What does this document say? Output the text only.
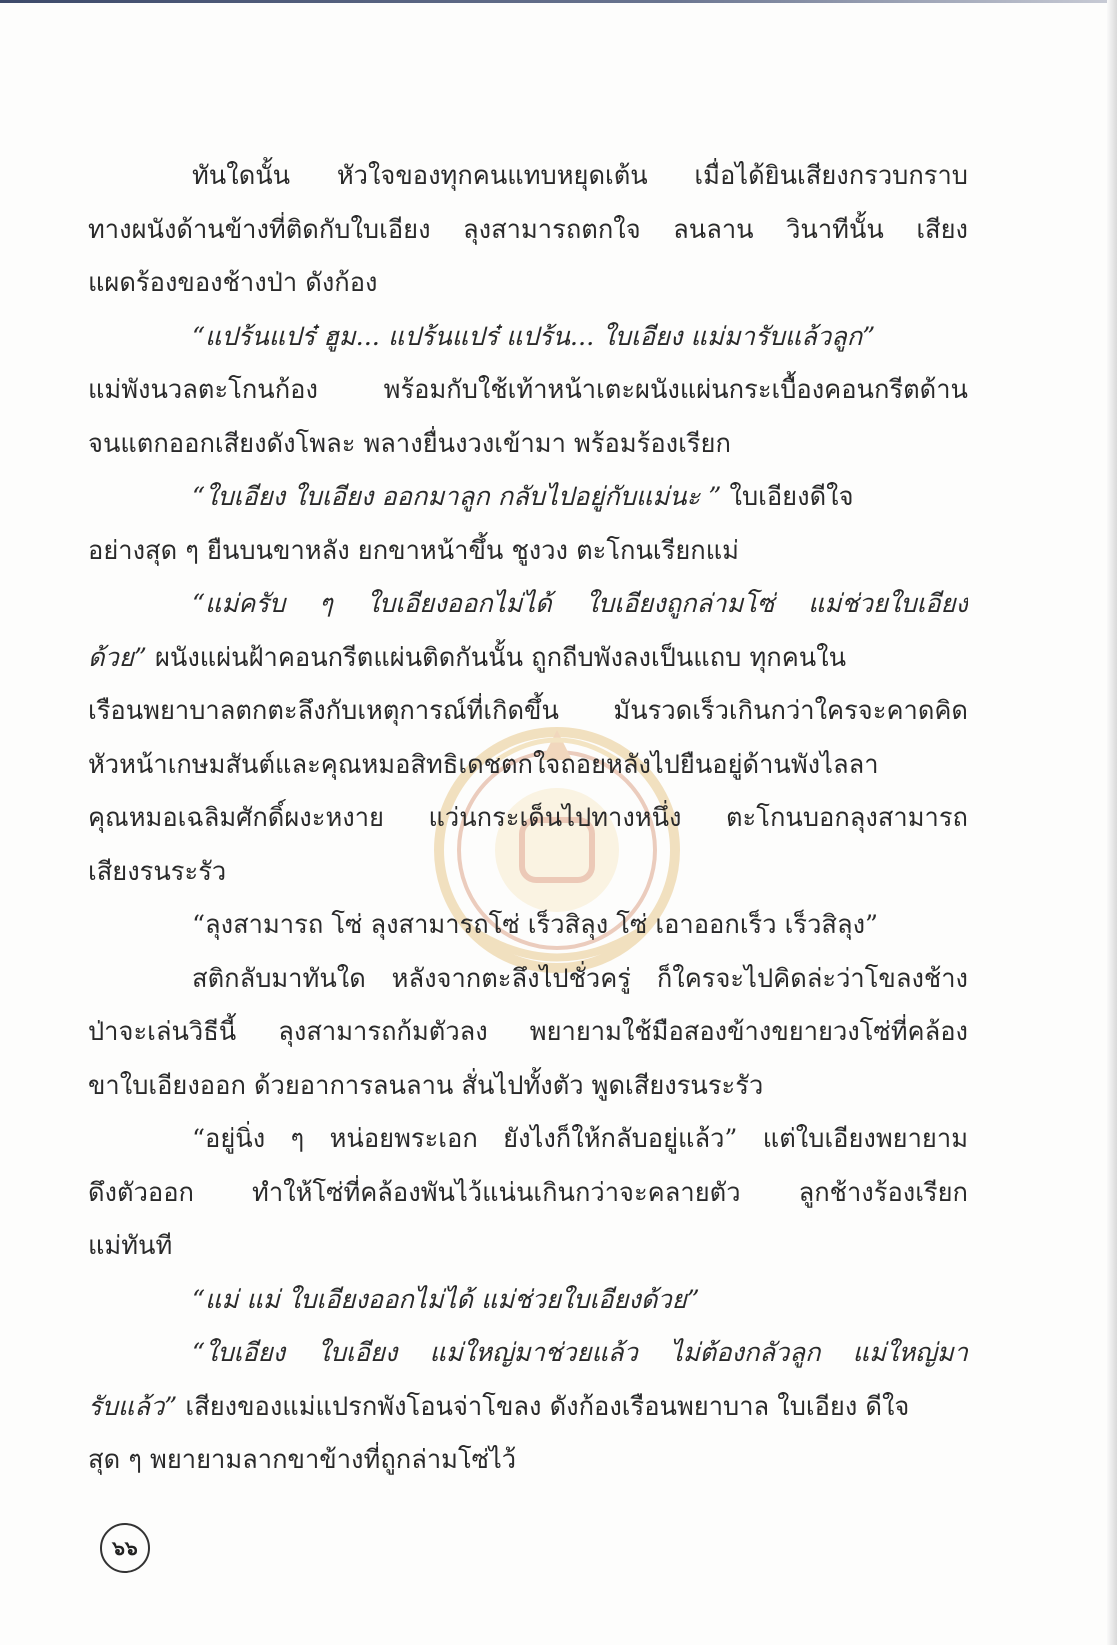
ทันใดนั้น หัวใจของทุกคนแทบหยุดเต้น เมื่อได้ยินเสียงกรวบกราบ
ทางผนังด้านข้างที่ติดกับใบเอียง ลุงสามารถตกใจ ลนลาน วินาทีนั้น เสียง
แผดร้องของช้างป่า ดังก้อง
“แปร้นแปร๋ ฮูม... แปร้นแปร๋ แปร้น... ใบเอียง แม่มารับแล้วลูก”
แม่พังนวลตะโกนก้อง พร้อมกับใช้เท้าหน้าเตะผนังแผ่นกระเบื้องคอนกรีตด้าน
จนแตกออกเสียงดังโพละ พลางยื่นงวงเข้ามา พร้อมร้องเรียก
“ใบเอียง ใบเอียง ออกมาลูก กลับไปอยู่กับแม่นะ ” ใบเอียงดีใจ
อย่างสุด ๆ ยืนบนขาหลัง ยกขาหน้าขึ้น ชูงวง ตะโกนเรียกแม่
“แม่ครับ ๆ ใบเอียงออกไม่ได้ ใบเอียงถูกล่ามโซ่ แม่ช่วยใบเอียง
ด้วย” ผนังแผ่นฝ้าคอนกรีตแผ่นติดกันนั้น ถูกถีบพังลงเป็นแถบ ทุกคนใน
เรือนพยาบาลตกตะลึงกับเหตุการณ์ที่เกิดขึ้น มันรวดเร็วเกินกว่าใครจะคาดคิด
หัวหน้าเกษมสันต์และคุณหมอสิทธิเดชตกใจถอยหลังไปยืนอยู่ด้านพังไลลา
คุณหมอเฉลิมศักดิ์ผงะหงาย แว่นกระเด็นไปทางหนึ่ง ตะโกนบอกลุงสามารถ
เสียงรนระรัว
“ลุงสามารถ โซ่ ลุงสามารถโซ่ เร็วสิลุง โซ่ เอาออกเร็ว เร็วสิลุง”
สติกลับมาทันใด หลังจากตะลึงไปชั่วครู่ ก็ใครจะไปคิดล่ะว่าโขลงช้าง
ป่าจะเล่นวิธีนี้ ลุงสามารถก้มตัวลง พยายามใช้มือสองข้างขยายวงโซ่ที่คล้อง
ขาใบเอียงออก ด้วยอาการลนลาน สั่นไปทั้งตัว พูดเสียงรนระรัว
“อยู่นิ่ง ๆ หน่อยพระเอก ยังไงก็ให้กลับอยู่แล้ว” แต่ใบเอียงพยายาม
ดึงตัวออก ทำให้โซ่ที่คล้องพันไว้แน่นเกินกว่าจะคลายตัว ลูกช้างร้องเรียก
แม่ทันที
“แม่ แม่ ใบเอียงออกไม่ได้ แม่ช่วยใบเอียงด้วย”
“ใบเอียง ใบเอียง แม่ใหญ่มาช่วยแล้ว ไม่ต้องกลัวลูก แม่ใหญ่มา
รับแล้ว” เสียงของแม่แปรกพังโอนจ่าโขลง ดังก้องเรือนพยาบาล ใบเอียง ดีใจ
สุด ๆ พยายามลากขาข้างที่ถูกล่ามโซ่ไว้
๖๖
